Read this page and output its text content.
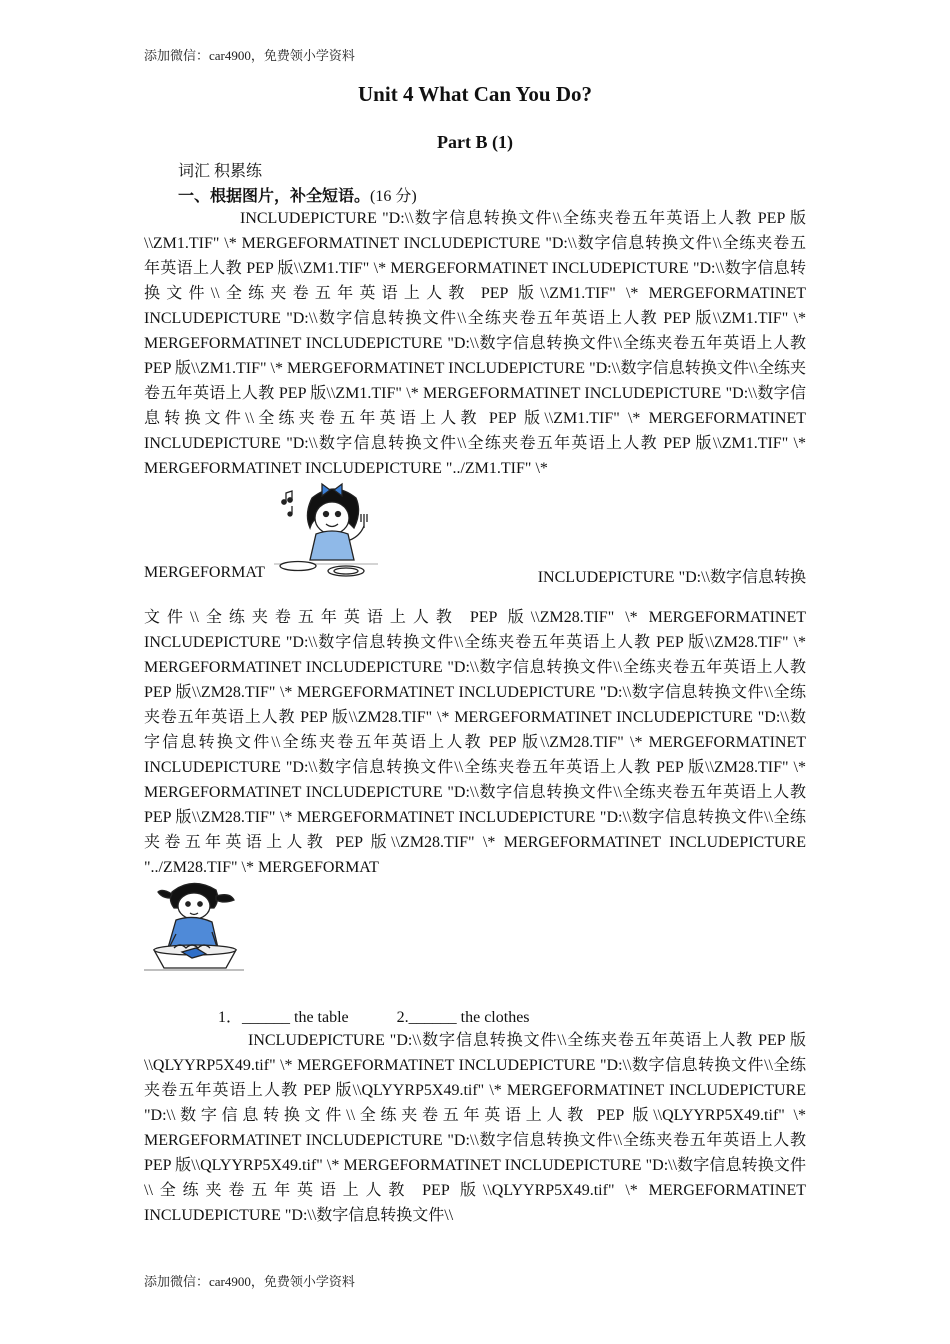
添加微信：car4900，免费领小学资料
Unit 4 What Can You Do?
Part B (1)
词汇 积累练
一、根据图片，补全短语。(16 分)

INCLUDEPICTURE "D:\\数字信息转换文件\\全练夹卷五年英语上人教 PEP 版\\ZM1.TIF" \* MERGEFORMATINET INCLUDEPICTURE "D:\\数字信息转换文件\\全练夹卷五年英语上人教 PEP 版\\ZM1.TIF" \* MERGEFORMATINET INCLUDEPICTURE "D:\\数字信息转换文件\\全练夹卷五年英语上人教 PEP 版\\ZM1.TIF" \* MERGEFORMATINET INCLUDEPICTURE "D:\\数字信息转换文件\\全练夹卷五年英语上人教 PEP 版\\ZM1.TIF" \* MERGEFORMATINET INCLUDEPICTURE "D:\\数字信息转换文件\\全练夹卷五年英语上人教 PEP 版\\ZM1.TIF" \* MERGEFORMATINET INCLUDEPICTURE "D:\\数字信息转换文件\\全练夹卷五年英语上人教 PEP 版\\ZM1.TIF" \* MERGEFORMATINET INCLUDEPICTURE "D:\\数字信息转换文件\\全练夹卷五年英语上人教 PEP 版\\ZM1.TIF" \* MERGEFORMATINET INCLUDEPICTURE "D:\\数字信息转换文件\\全练夹卷五年英语上人教 PEP 版\\ZM1.TIF" \* MERGEFORMATINET INCLUDEPICTURE "../ZM1.TIF" \*

MERGEFORMAT	INCLUDEPICTURE "D:\\数字信息转换

文件\\全练夹卷五年英语上人教 PEP 版\\ZM28.TIF" \* MERGEFORMATINET INCLUDEPICTURE "D:\\数字信息转换文件\\全练夹卷五年英语上人教 PEP 版\\ZM28.TIF" \* MERGEFORMATINET INCLUDEPICTURE "D:\\数字信息转换文件\\全练夹卷五年英语上人教 PEP 版\\ZM28.TIF" \* MERGEFORMATINET INCLUDEPICTURE "D:\\数字信息转换文件\\全练夹卷五年英语上人教 PEP 版\\ZM28.TIF" \* MERGEFORMATINET INCLUDEPICTURE "D:\\数字信息转换文件\\全练夹卷五年英语上人教 PEP 版\\ZM28.TIF" \* MERGEFORMATINET INCLUDEPICTURE "D:\\数字信息转换文件\\全练夹卷五年英语上人教 PEP 版\\ZM28.TIF" \* MERGEFORMATINET INCLUDEPICTURE "D:\\数字信息转换文件\\全练夹卷五年英语上人教 PEP 版\\ZM28.TIF" \* MERGEFORMATINET INCLUDEPICTURE "D:\\数字信息转换文件\\全练夹卷五年英语上人教 PEP 版\\ZM28.TIF" \* MERGEFORMATINET INCLUDEPICTURE "../ZM28.TIF" \* MERGEFORMAT

1．______ the table	2.______ the clothes

INCLUDEPICTURE "D:\\数字信息转换文件\\全练夹卷五年英语上人教 PEP 版\\QLYYRP5X49.tif" \* MERGEFORMATINET INCLUDEPICTURE "D:\\数字信息转换文件\\全练夹卷五年英语上人教 PEP 版\\QLYYRP5X49.tif" \* MERGEFORMATINET INCLUDEPICTURE "D:\\数字信息转换文件\\全练夹卷五年英语上人教 PEP 版\\QLYYRP5X49.tif" \* MERGEFORMATINET INCLUDEPICTURE "D:\\数字信息转换文件\\全练夹卷五年英语上人教 PEP 版\\QLYYRP5X49.tif" \* MERGEFORMATINET INCLUDEPICTURE "D:\\数字信息转换文件\\全练夹卷五年英语上人教 PEP 版\\QLYYRP5X49.tif" \* MERGEFORMATINET INCLUDEPICTURE "D:\\数字信息转换文件\\

添加微信：car4900，免费领小学资料
